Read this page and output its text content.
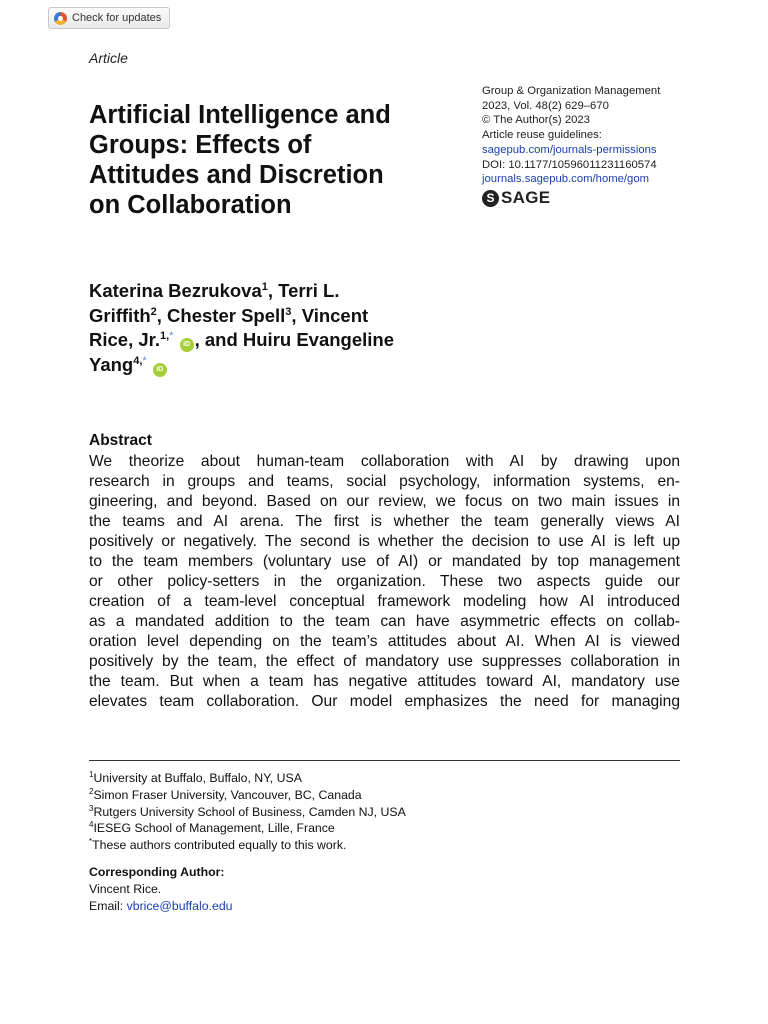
Check for updates
Article
Artificial Intelligence and
Groups: Effects of
Attitudes and Discretion
on Collaboration
Group & Organization Management
2023, Vol. 48(2) 629–670
© The Author(s) 2023
Article reuse guidelines:
sagepub.com/journals-permissions
DOI: 10.1177/10596011231160574
journals.sagepub.com/home/gom
S SAGE
Katerina Bezrukova$^1$, Terri L.
Griffith$^2$, Chester Spell$^3$, Vincent
Rice, Jr.$^{1,*}$ iD , and Huiru Evangeline
Yang$^{4,*}$ iD
Abstract
We theorize about human-team collaboration with AI by drawing upon
research in groups and teams, social psychology, information systems, en-
gineering, and beyond. Based on our review, we focus on two main issues in
the teams and AI arena. The first is whether the team generally views AI
positively or negatively. The second is whether the decision to use AI is left up
to the team members (voluntary use of AI) or mandated by top management
or other policy-setters in the organization. These two aspects guide our
creation of a team-level conceptual framework modeling how AI introduced
as a mandated addition to the team can have asymmetric effects on collab-
oration level depending on the team’s attitudes about AI. When AI is viewed
positively by the team, the effect of mandatory use suppresses collaboration in
the team. But when a team has negative attitudes toward AI, mandatory use
elevates team collaboration. Our model emphasizes the need for managing
$^1$University at Buffalo, Buffalo, NY, USA
$^2$Simon Fraser University, Vancouver, BC, Canada
$^3$Rutgers University School of Business, Camden NJ, USA
$^4$IESEG School of Management, Lille, France
*These authors contributed equally to this work.
Corresponding Author:
Vincent Rice.
Email: vbrice@buffalo.edu
